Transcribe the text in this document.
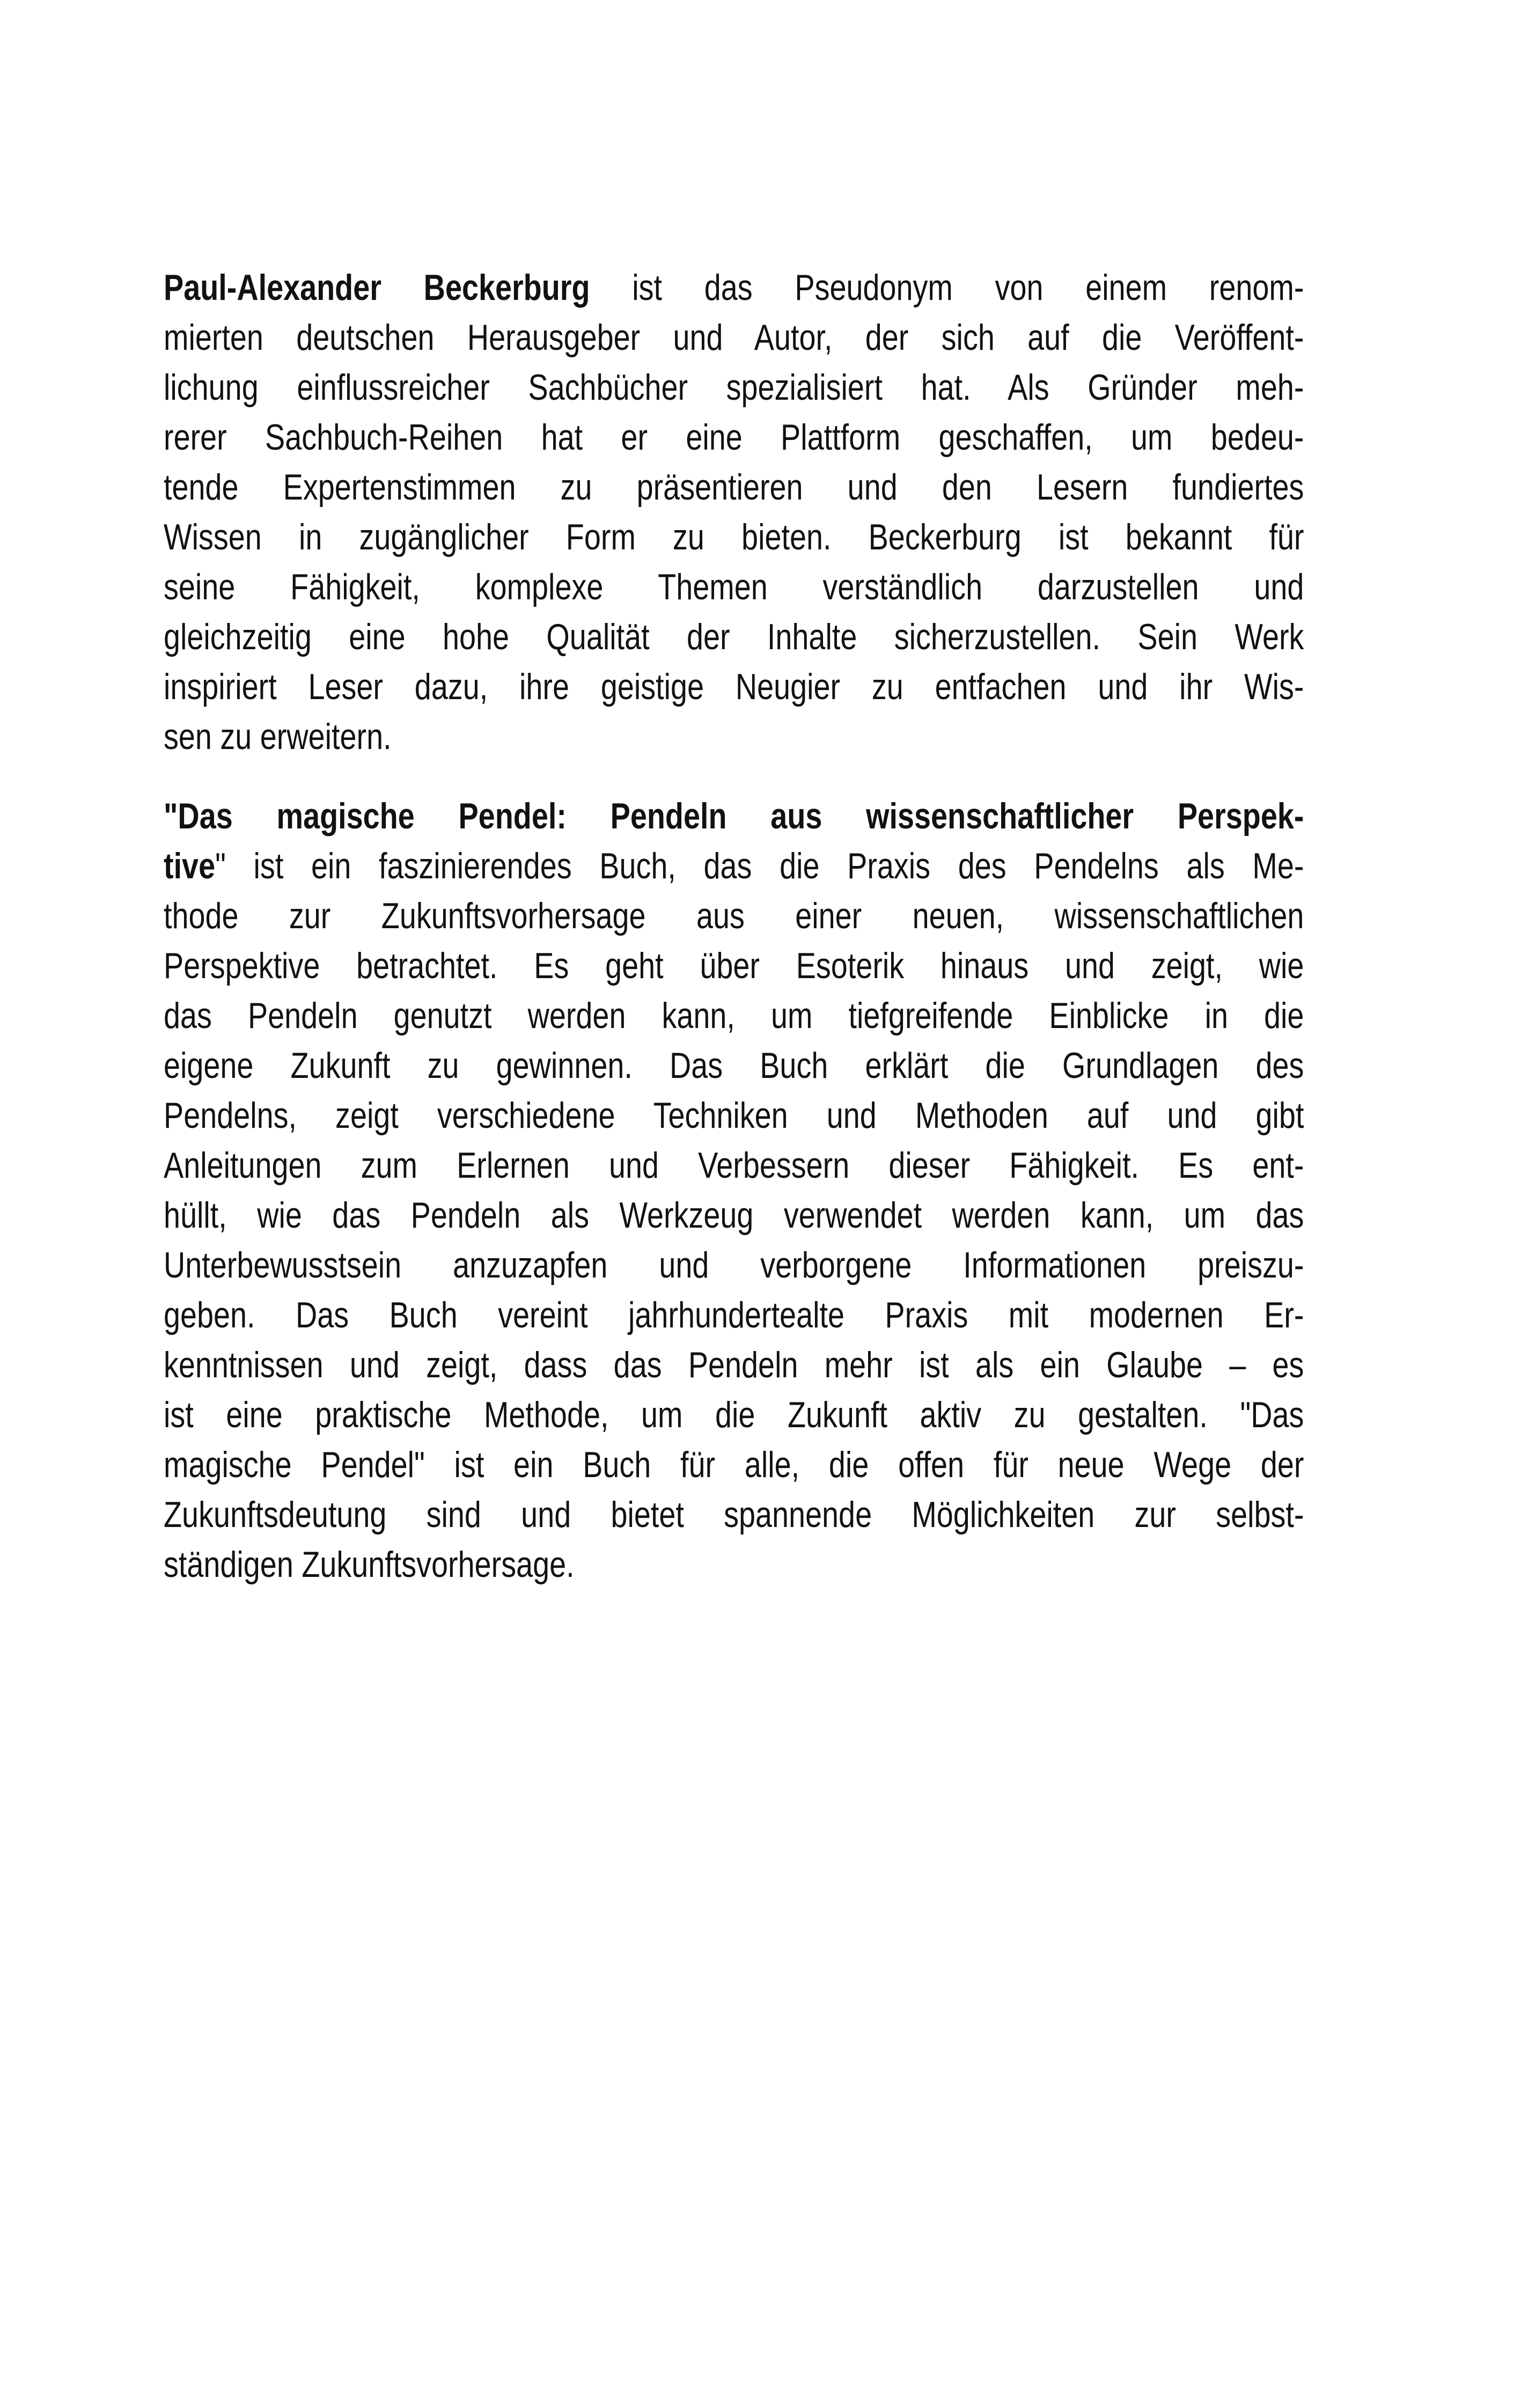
Paul-Alexander Beckerburg ist das Pseudonym von einem renom-
mierten deutschen Herausgeber und Autor, der sich auf die Veröffent-
lichung einflussreicher Sachbücher spezialisiert hat. Als Gründer meh-
rerer Sachbuch-Reihen hat er eine Plattform geschaffen, um bedeu-
tende Expertenstimmen zu präsentieren und den Lesern fundiertes
Wissen in zugänglicher Form zu bieten. Beckerburg ist bekannt für
seine Fähigkeit, komplexe Themen verständlich darzustellen und
gleichzeitig eine hohe Qualität der Inhalte sicherzustellen. Sein Werk
inspiriert Leser dazu, ihre geistige Neugier zu entfachen und ihr Wis-
sen zu erweitern.
"Das magische Pendel: Pendeln aus wissenschaftlicher Perspek-
tive" ist ein faszinierendes Buch, das die Praxis des Pendelns als Me-
thode zur Zukunftsvorhersage aus einer neuen, wissenschaftlichen
Perspektive betrachtet. Es geht über Esoterik hinaus und zeigt, wie
das Pendeln genutzt werden kann, um tiefgreifende Einblicke in die
eigene Zukunft zu gewinnen. Das Buch erklärt die Grundlagen des
Pendelns, zeigt verschiedene Techniken und Methoden auf und gibt
Anleitungen zum Erlernen und Verbessern dieser Fähigkeit. Es ent-
hüllt, wie das Pendeln als Werkzeug verwendet werden kann, um das
Unterbewusstsein anzuzapfen und verborgene Informationen preiszu-
geben. Das Buch vereint jahrhundertealte Praxis mit modernen Er-
kenntnissen und zeigt, dass das Pendeln mehr ist als ein Glaube – es
ist eine praktische Methode, um die Zukunft aktiv zu gestalten. "Das
magische Pendel" ist ein Buch für alle, die offen für neue Wege der
Zukunftsdeutung sind und bietet spannende Möglichkeiten zur selbst-
ständigen Zukunftsvorhersage.
